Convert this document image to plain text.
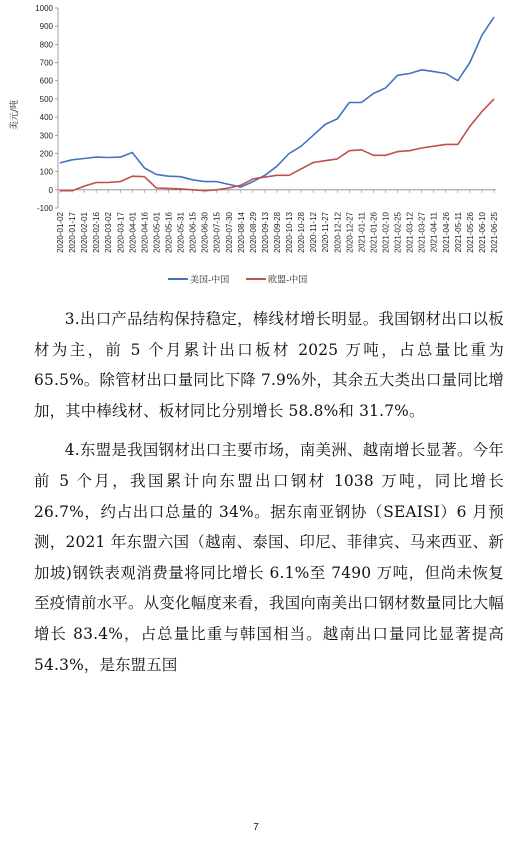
-100
0
100
200
300
400
500
600
700
800
900
1000
2020-01-02 2020-01-17 2020-02-01 2020-02-16 2020-03-02 2020-03-17 2020-04-01 2020-04-16 2020-05-01 2020-05-16 2020-05-31 2020-06-15 2020-06-30 2020-07-15 2020-07-30 2020-08-14 2020-08-29 2020-09-13 2020-09-28 2020-10-13 2020-10-28 2020-11-12 2020-11-27 2020-12-12 2020-12-27 2021-01-11 2021-01-26 2021-02-10 2021-02-25 2021-03-12 2021-03-27 2021-04-11 2021-04-26 2021-05-11 2021-05-26 2021-06-10 2021-06-25
美元/吨
美国-中国	欧盟-中国

3.出口产品结构保持稳定，棒线材增长明显。我国钢材出口以板材为主，前 5 个月累计出口板材 2025 万吨，占总量比重为 65.5%。除管材出口量同比下降 7.9%外，其余五大类出口量同比增加，其中棒线材、板材同比分别增长 58.8%和 31.7%。

4.东盟是我国钢材出口主要市场，南美洲、越南增长显著。今年前 5 个月，我国累计向东盟出口钢材 1038 万吨，同比增长 26.7%，约占出口总量的 34%。据东南亚钢协（SEAISI）6 月预测，2021 年东盟六国（越南、泰国、印尼、菲律宾、马来西亚、新加坡)钢铁表观消费量将同比增长 6.1%至 7490 万吨，但尚未恢复至疫情前水平。从变化幅度来看，我国向南美出口钢材数量同比大幅增长 83.4%，占总量比重与韩国相当。越南出口量同比显著提高 54.3%，是东盟五国

7
